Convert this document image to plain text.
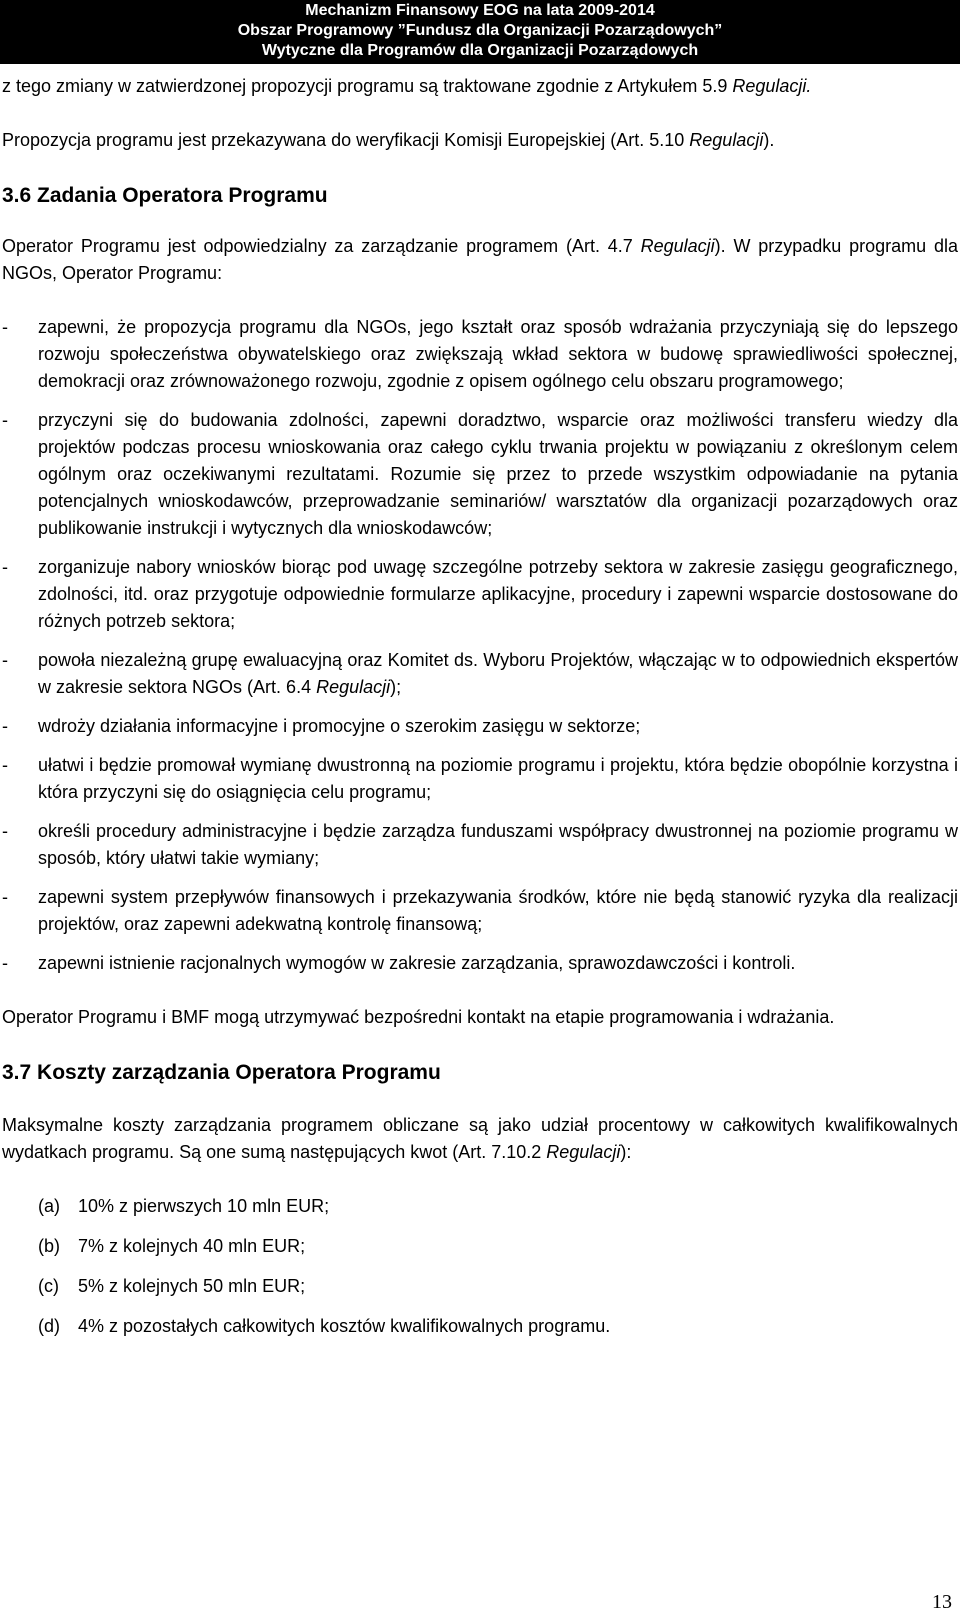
Mechanizm Finansowy EOG na lata 2009-2014
Obszar Programowy ”Fundusz dla Organizacji Pozarządowych”
Wytyczne dla Programów dla Organizacji Pozarządowych

z tego zmiany w zatwierdzonej propozycji programu są traktowane zgodnie z Artykułem 5.9 Regulacji.

Propozycja programu jest przekazywana do weryfikacji Komisji Europejskiej (Art. 5.10 Regulacji).

3.6 Zadania Operatora Programu

Operator Programu jest odpowiedzialny za zarządzanie programem (Art. 4.7 Regulacji). W przypadku programu dla NGOs, Operator Programu:

- zapewni, że propozycja programu dla NGOs, jego kształt oraz sposób wdrażania przyczyniają się do lepszego rozwoju społeczeństwa obywatelskiego oraz zwiększają wkład sektora w budowę sprawiedliwości społecznej, demokracji oraz zrównoważonego rozwoju, zgodnie z opisem ogólnego celu obszaru programowego;
- przyczyni się do budowania zdolności, zapewni doradztwo, wsparcie oraz możliwości transferu wiedzy dla projektów podczas procesu wnioskowania oraz całego cyklu trwania projektu w powiązaniu z określonym celem ogólnym oraz oczekiwanymi rezultatami. Rozumie się przez to przede wszystkim odpowiadanie na pytania potencjalnych wnioskodawców, przeprowadzanie seminariów/ warsztatów dla organizacji pozarządowych oraz publikowanie instrukcji i wytycznych dla wnioskodawców;
- zorganizuje nabory wniosków biorąc pod uwagę szczególne potrzeby sektora w zakresie zasięgu geograficznego, zdolności, itd. oraz przygotuje odpowiednie formularze aplikacyjne, procedury i zapewni wsparcie dostosowane do różnych potrzeb sektora;
- powoła niezależną grupę ewaluacyjną oraz Komitet ds. Wyboru Projektów, włączając w to odpowiednich ekspertów w zakresie sektora NGOs (Art. 6.4 Regulacji);
- wdroży działania informacyjne i promocyjne o szerokim zasięgu w sektorze;
- ułatwi i będzie promował wymianę dwustronną na poziomie programu i projektu, która będzie obopólnie korzystna i która przyczyni się do osiągnięcia celu programu;
- określi procedury administracyjne i będzie zarządza funduszami współpracy dwustronnej na poziomie programu w sposób, który ułatwi takie wymiany;
- zapewni system przepływów finansowych i przekazywania środków, które nie będą stanowić ryzyka dla realizacji projektów, oraz zapewni adekwatną kontrolę finansową;
- zapewni istnienie racjonalnych wymogów w zakresie zarządzania, sprawozdawczości i kontroli.

Operator Programu i BMF mogą utrzymywać bezpośredni kontakt na etapie programowania i wdrażania.

3.7 Koszty zarządzania Operatora Programu

Maksymalne koszty zarządzania programem obliczane są jako udział procentowy w całkowitych kwalifikowalnych wydatkach programu. Są one sumą następujących kwot (Art. 7.10.2 Regulacji):

(a) 10% z pierwszych 10 mln EUR;
(b) 7% z kolejnych 40 mln EUR;
(c) 5% z kolejnych 50 mln EUR;
(d) 4% z pozostałych całkowitych kosztów kwalifikowalnych programu.
13
